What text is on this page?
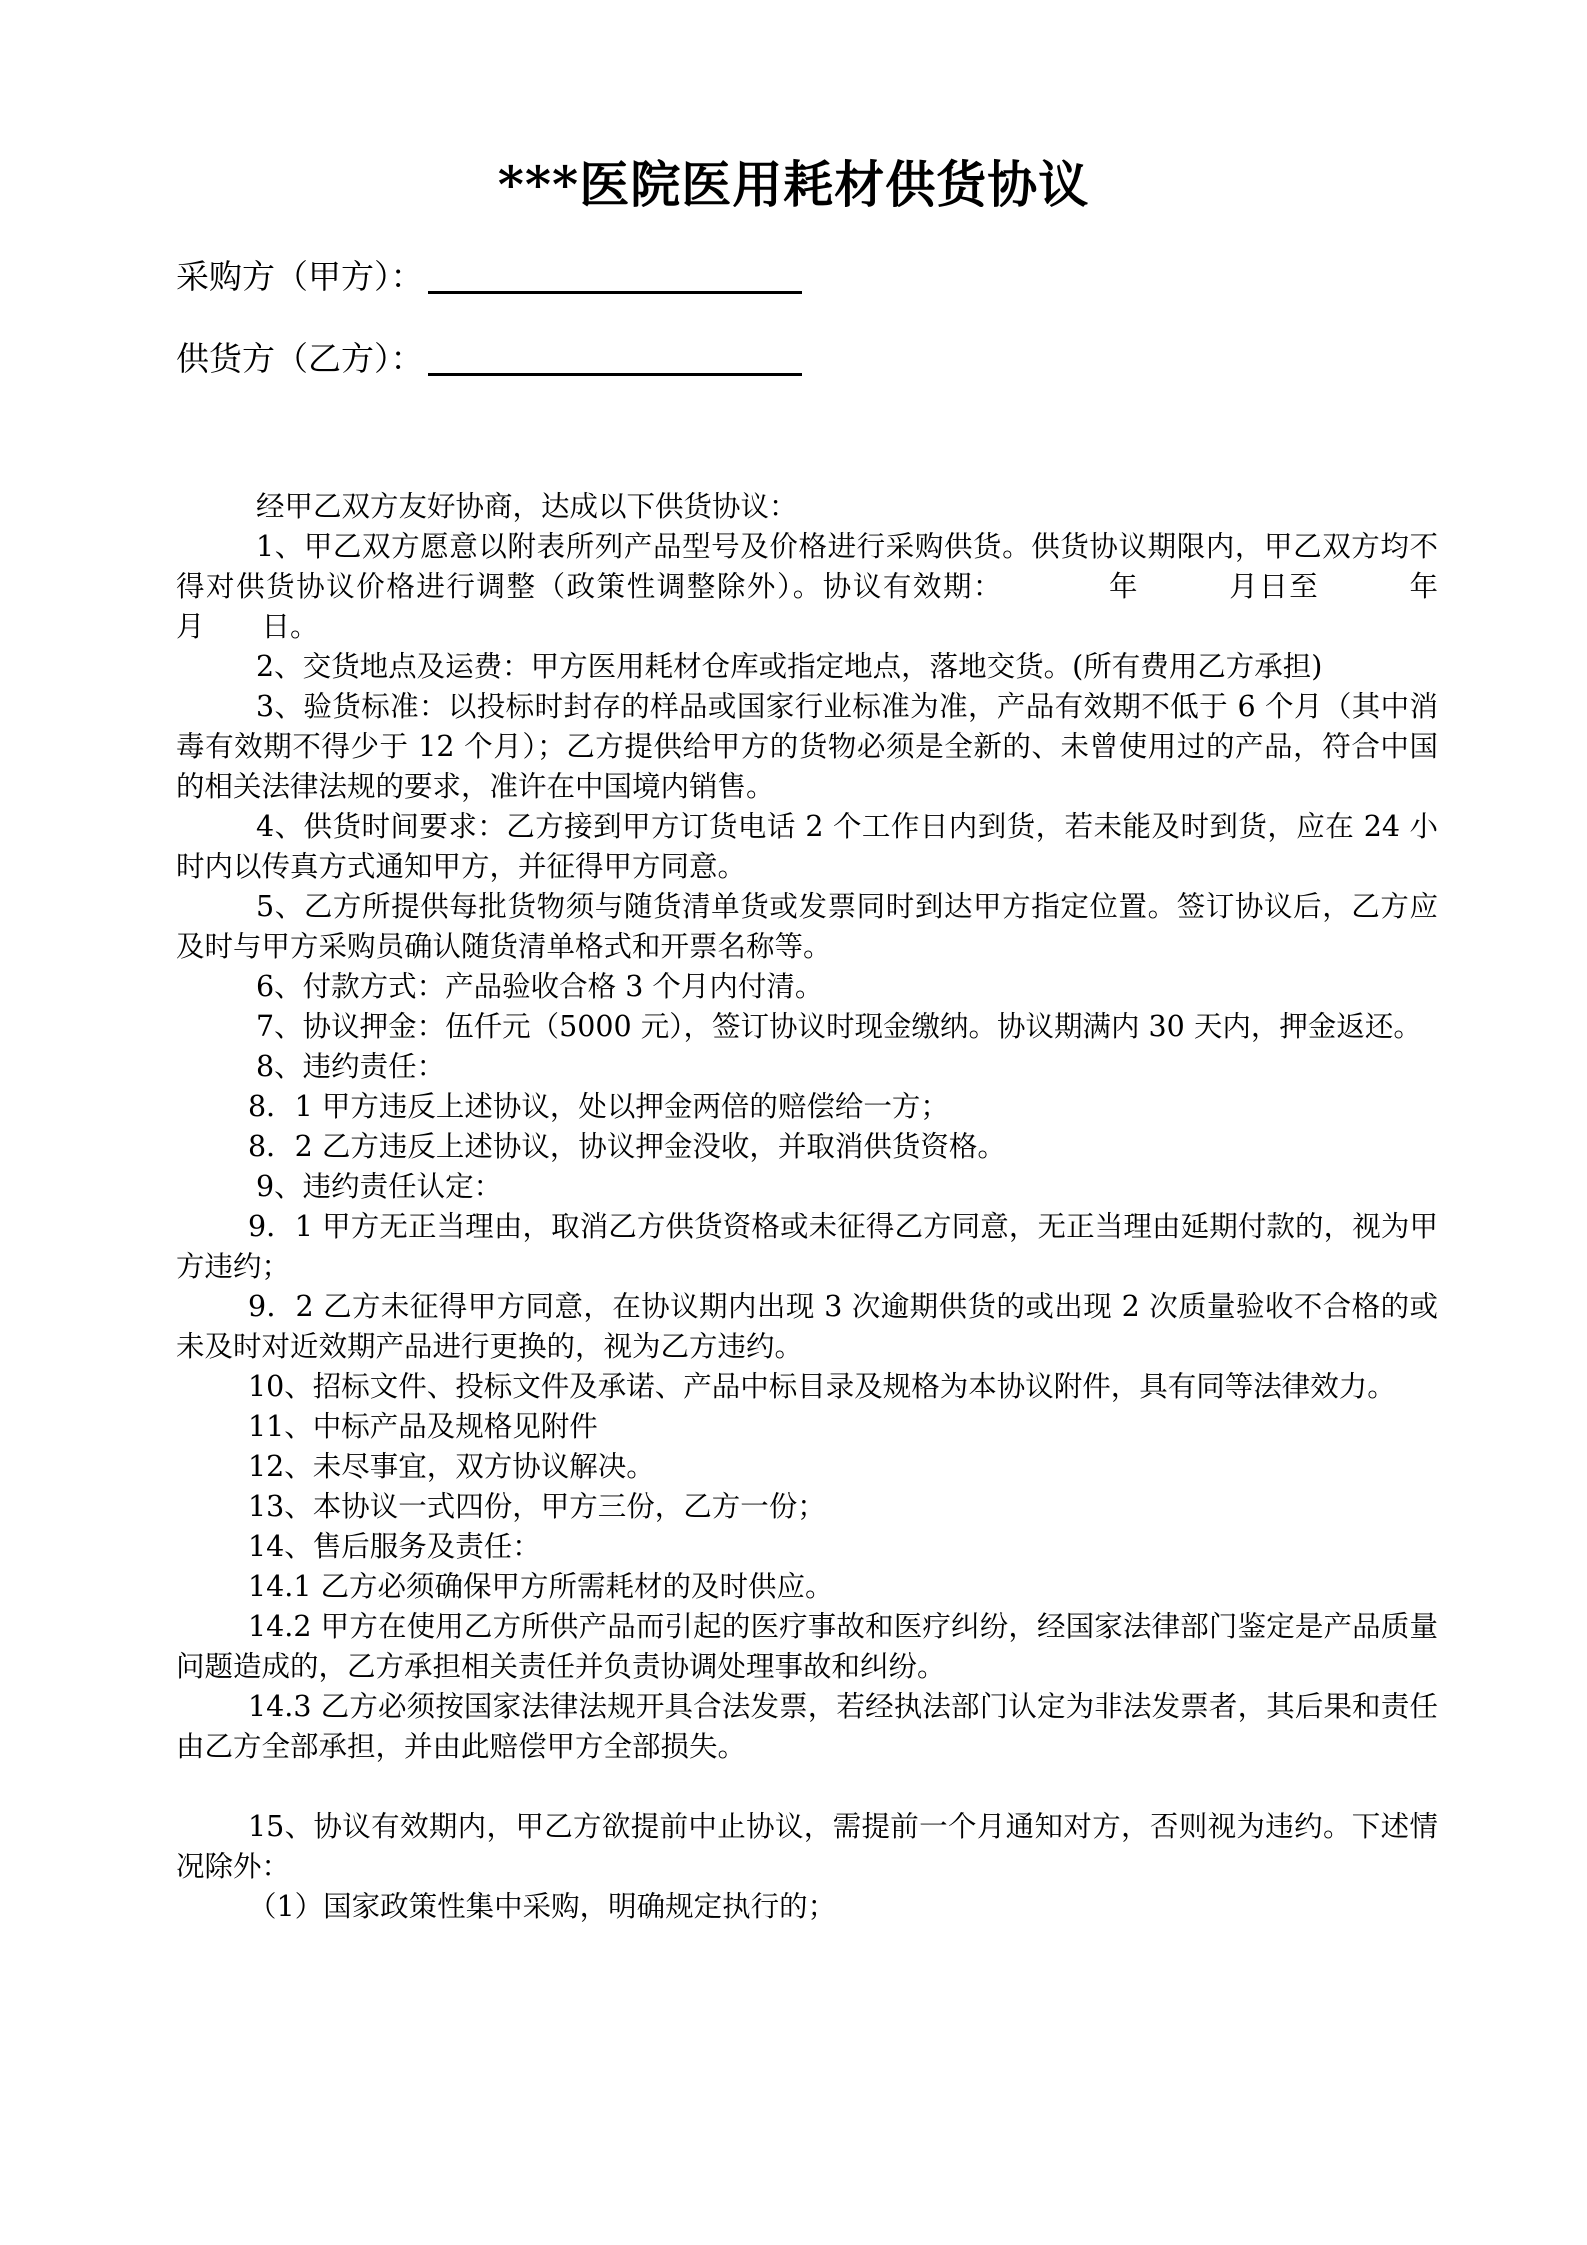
***医院医用耗材供货协议
采购方（甲方）：
供货方（乙方）：

经甲乙双方友好协商，达成以下供货协议：

1、甲乙双方愿意以附表所列产品型号及价格进行采购供货。供货协议期限内，甲乙双方均不得对供货协议价格进行调整（政策性调整除外）。协议有效期：　　　　年　　　月日至　　　年　　月　　日。

2、交货地点及运费：甲方医用耗材仓库或指定地点，落地交货。(所有费用乙方承担)

3、验货标准：以投标时封存的样品或国家行业标准为准，产品有效期不低于 6 个月（其中消毒有效期不得少于 12 个月）；乙方提供给甲方的货物必须是全新的、未曾使用过的产品，符合中国的相关法律法规的要求，准许在中国境内销售。

4、供货时间要求：乙方接到甲方订货电话 2 个工作日内到货，若未能及时到货，应在 24 小时内以传真方式通知甲方，并征得甲方同意。

5、乙方所提供每批货物须与随货清单货或发票同时到达甲方指定位置。签订协议后，乙方应及时与甲方采购员确认随货清单格式和开票名称等。

6、付款方式：产品验收合格 3 个月内付清。

7、协议押金：伍仟元（5000 元），签订协议时现金缴纳。协议期满内 30 天内，押金返还。

8、违约责任：

8．1 甲方违反上述协议，处以押金两倍的赔偿给一方；

8．2 乙方违反上述协议，协议押金没收，并取消供货资格。

9、违约责任认定：

9．1 甲方无正当理由，取消乙方供货资格或未征得乙方同意，无正当理由延期付款的，视为甲方违约；

9．2 乙方未征得甲方同意，在协议期内出现 3 次逾期供货的或出现 2 次质量验收不合格的或未及时对近效期产品进行更换的，视为乙方违约。

10、招标文件、投标文件及承诺、产品中标目录及规格为本协议附件，具有同等法律效力。

11、中标产品及规格见附件

12、未尽事宜，双方协议解决。

13、本协议一式四份，甲方三份，乙方一份；

14、售后服务及责任：

14.1 乙方必须确保甲方所需耗材的及时供应。

14.2 甲方在使用乙方所供产品而引起的医疗事故和医疗纠纷，经国家法律部门鉴定是产品质量问题造成的，乙方承担相关责任并负责协调处理事故和纠纷。

14.3 乙方必须按国家法律法规开具合法发票，若经执法部门认定为非法发票者，其后果和责任由乙方全部承担，并由此赔偿甲方全部损失。

15、协议有效期内，甲乙方欲提前中止协议，需提前一个月通知对方，否则视为违约。下述情况除外：

（1）国家政策性集中采购，明确规定执行的；
